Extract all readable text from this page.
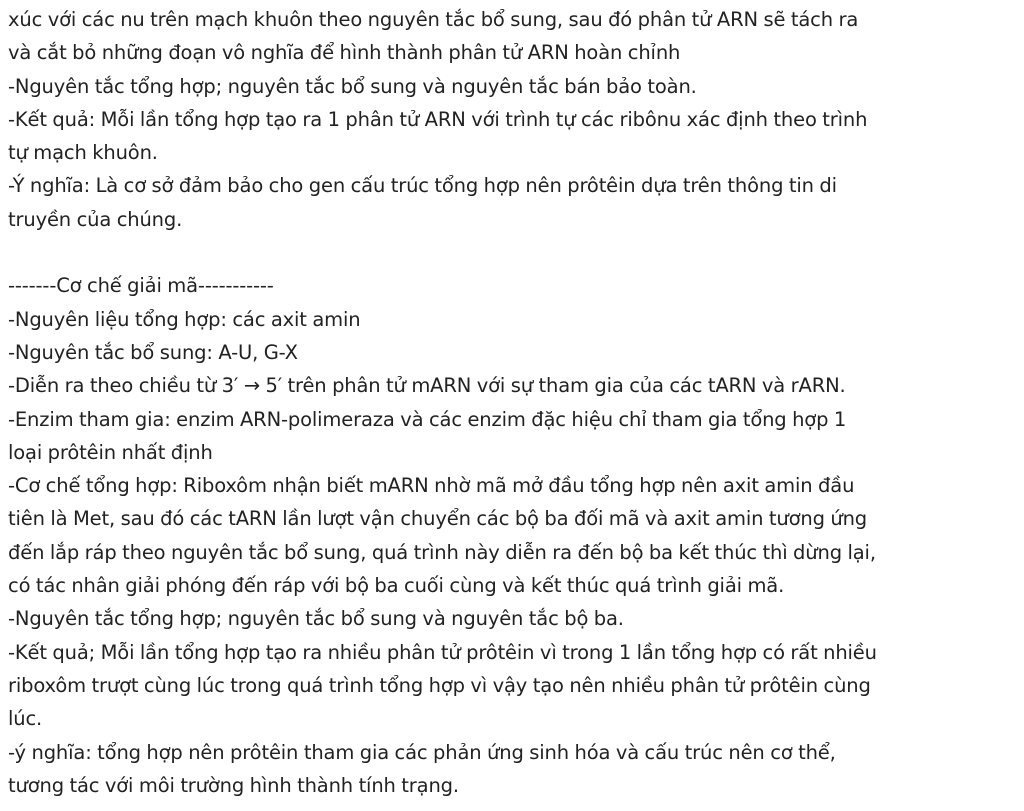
xúc với các nu trên mạch khuôn theo nguyên tắc bổ sung, sau đó phân tử ARN sẽ tách ra
và cắt bỏ những đoạn vô nghĩa để hình thành phân tử ARN hoàn chỉnh
-Nguyên tắc tổng hợp; nguyên tắc bổ sung và nguyên tắc bán bảo toàn.
-Kết quả: Mỗi lần tổng hợp tạo ra 1 phân tử ARN với trình tự các ribônu xác định theo trình
tự mạch khuôn.
-Ý nghĩa: Là cơ sở đảm bảo cho gen cấu trúc tổng hợp nên prôtêin dựa trên thông tin di
truyền của chúng.
-------Cơ chế giải mã-----------
-Nguyên liệu tổng hợp: các axit amin
-Nguyên tắc bổ sung: A-U, G-X
-Diễn ra theo chiều từ 3′ → 5′ trên phân tử mARN với sự tham gia của các tARN và rARN.
-Enzim tham gia: enzim ARN-polimeraza và các enzim đặc hiệu chỉ tham gia tổng hợp 1
loại prôtêin nhất định
-Cơ chế tổng hợp: Riboxôm nhận biết mARN nhờ mã mở đầu tổng hợp nên axit amin đầu
tiên là Met, sau đó các tARN lần lượt vận chuyển các bộ ba đối mã và axit amin tương ứng
đến lắp ráp theo nguyên tắc bổ sung, quá trình này diễn ra đến bộ ba kết thúc thì dừng lại,
có tác nhân giải phóng đến ráp với bộ ba cuối cùng và kết thúc quá trình giải mã.
-Nguyên tắc tổng hợp; nguyên tắc bổ sung và nguyên tắc bộ ba.
-Kết quả; Mỗi lần tổng hợp tạo ra nhiều phân tử prôtêin vì trong 1 lần tổng hợp có rất nhiều
riboxôm trượt cùng lúc trong quá trình tổng hợp vì vậy tạo nên nhiều phân tử prôtêin cùng
lúc.
-ý nghĩa: tổng hợp nên prôtêin tham gia các phản ứng sinh hóa và cấu trúc nên cơ thể,
tương tác với môi trường hình thành tính trạng.
